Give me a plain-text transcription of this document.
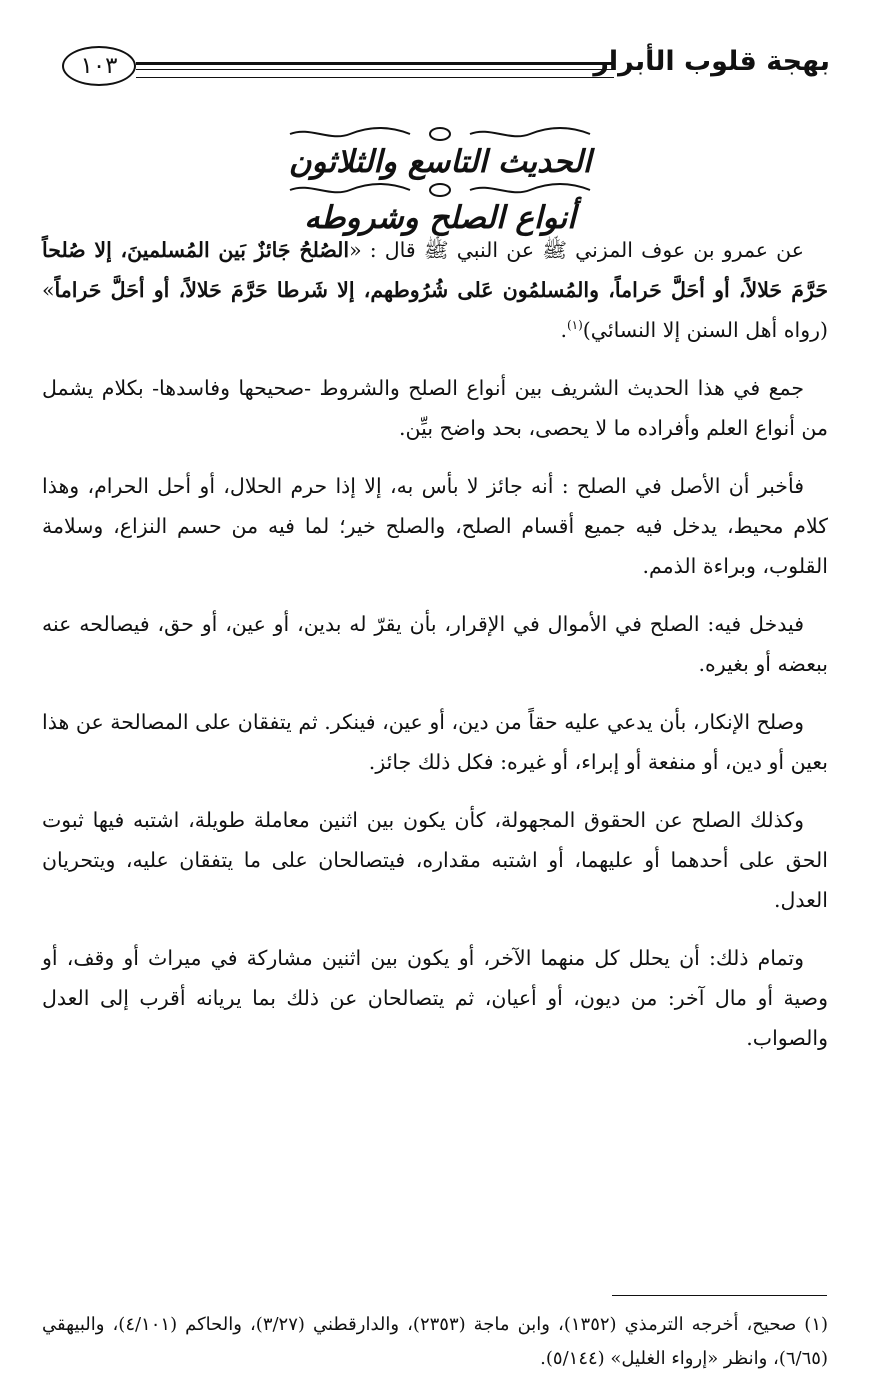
بهجة قلوب الأبرار
١٠٣
الحديث التاسع والثلاثون
أنواع الصلح وشروطه

عن عمرو بن عوف المزني ﷺ عن النبي ﷺ قال : «الصُلحُ جَائزٌ بَين المُسلمينَ، إلا صُلحاً حَرَّمَ حَلالاً، أو أحَلَّ حَراماً، والمُسلمُون عَلى شُرُوطهم، إلا شَرطا حَرَّمَ حَلالاً، أو أحَلَّ حَراماً» (رواه أهل السنن إلا النسائي)$^{(١)}$.

جمع في هذا الحديث الشريف بين أنواع الصلح والشروط -صحيحها وفاسدها- بكلام يشمل من أنواع العلم وأفراده ما لا يحصى، بحد واضح بيِّن.

فأخبر أن الأصل في الصلح : أنه جائز لا بأس به، إلا إذا حرم الحلال، أو أحل الحرام، وهذا كلام محيط، يدخل فيه جميع أقسام الصلح، والصلح خير؛ لما فيه من حسم النزاع، وسلامة القلوب، وبراءة الذمم.

فيدخل فيه: الصلح في الأموال في الإقرار، بأن يقرّ له بدين، أو عين، أو حق، فيصالحه عنه ببعضه أو بغيره.

وصلح الإنكار، بأن يدعي عليه حقاً من دين، أو عين، فينكر. ثم يتفقان على المصالحة عن هذا بعين أو دين، أو منفعة أو إبراء، أو غيره: فكل ذلك جائز.

وكذلك الصلح عن الحقوق المجهولة، كأن يكون بين اثنين معاملة طويلة، اشتبه فيها ثبوت الحق على أحدهما أو عليهما، أو اشتبه مقداره، فيتصالحان على ما يتفقان عليه، ويتحريان العدل.

وتمام ذلك: أن يحلل كل منهما الآخر، أو يكون بين اثنين مشاركة في ميراث أو وقف، أو وصية أو مال آخر: من ديون، أو أعيان، ثم يتصالحان عن ذلك بما يريانه أقرب إلى العدل والصواب.

(١) صحيح، أخرجه الترمذي (١٣٥٢)، وابن ماجة (٢٣٥٣)، والدارقطني (٣/٢٧)، والحاكم (٤/١٠١)، والبيهقي (٦/٦٥)، وانظر «إرواء الغليل» (٥/١٤٤).
